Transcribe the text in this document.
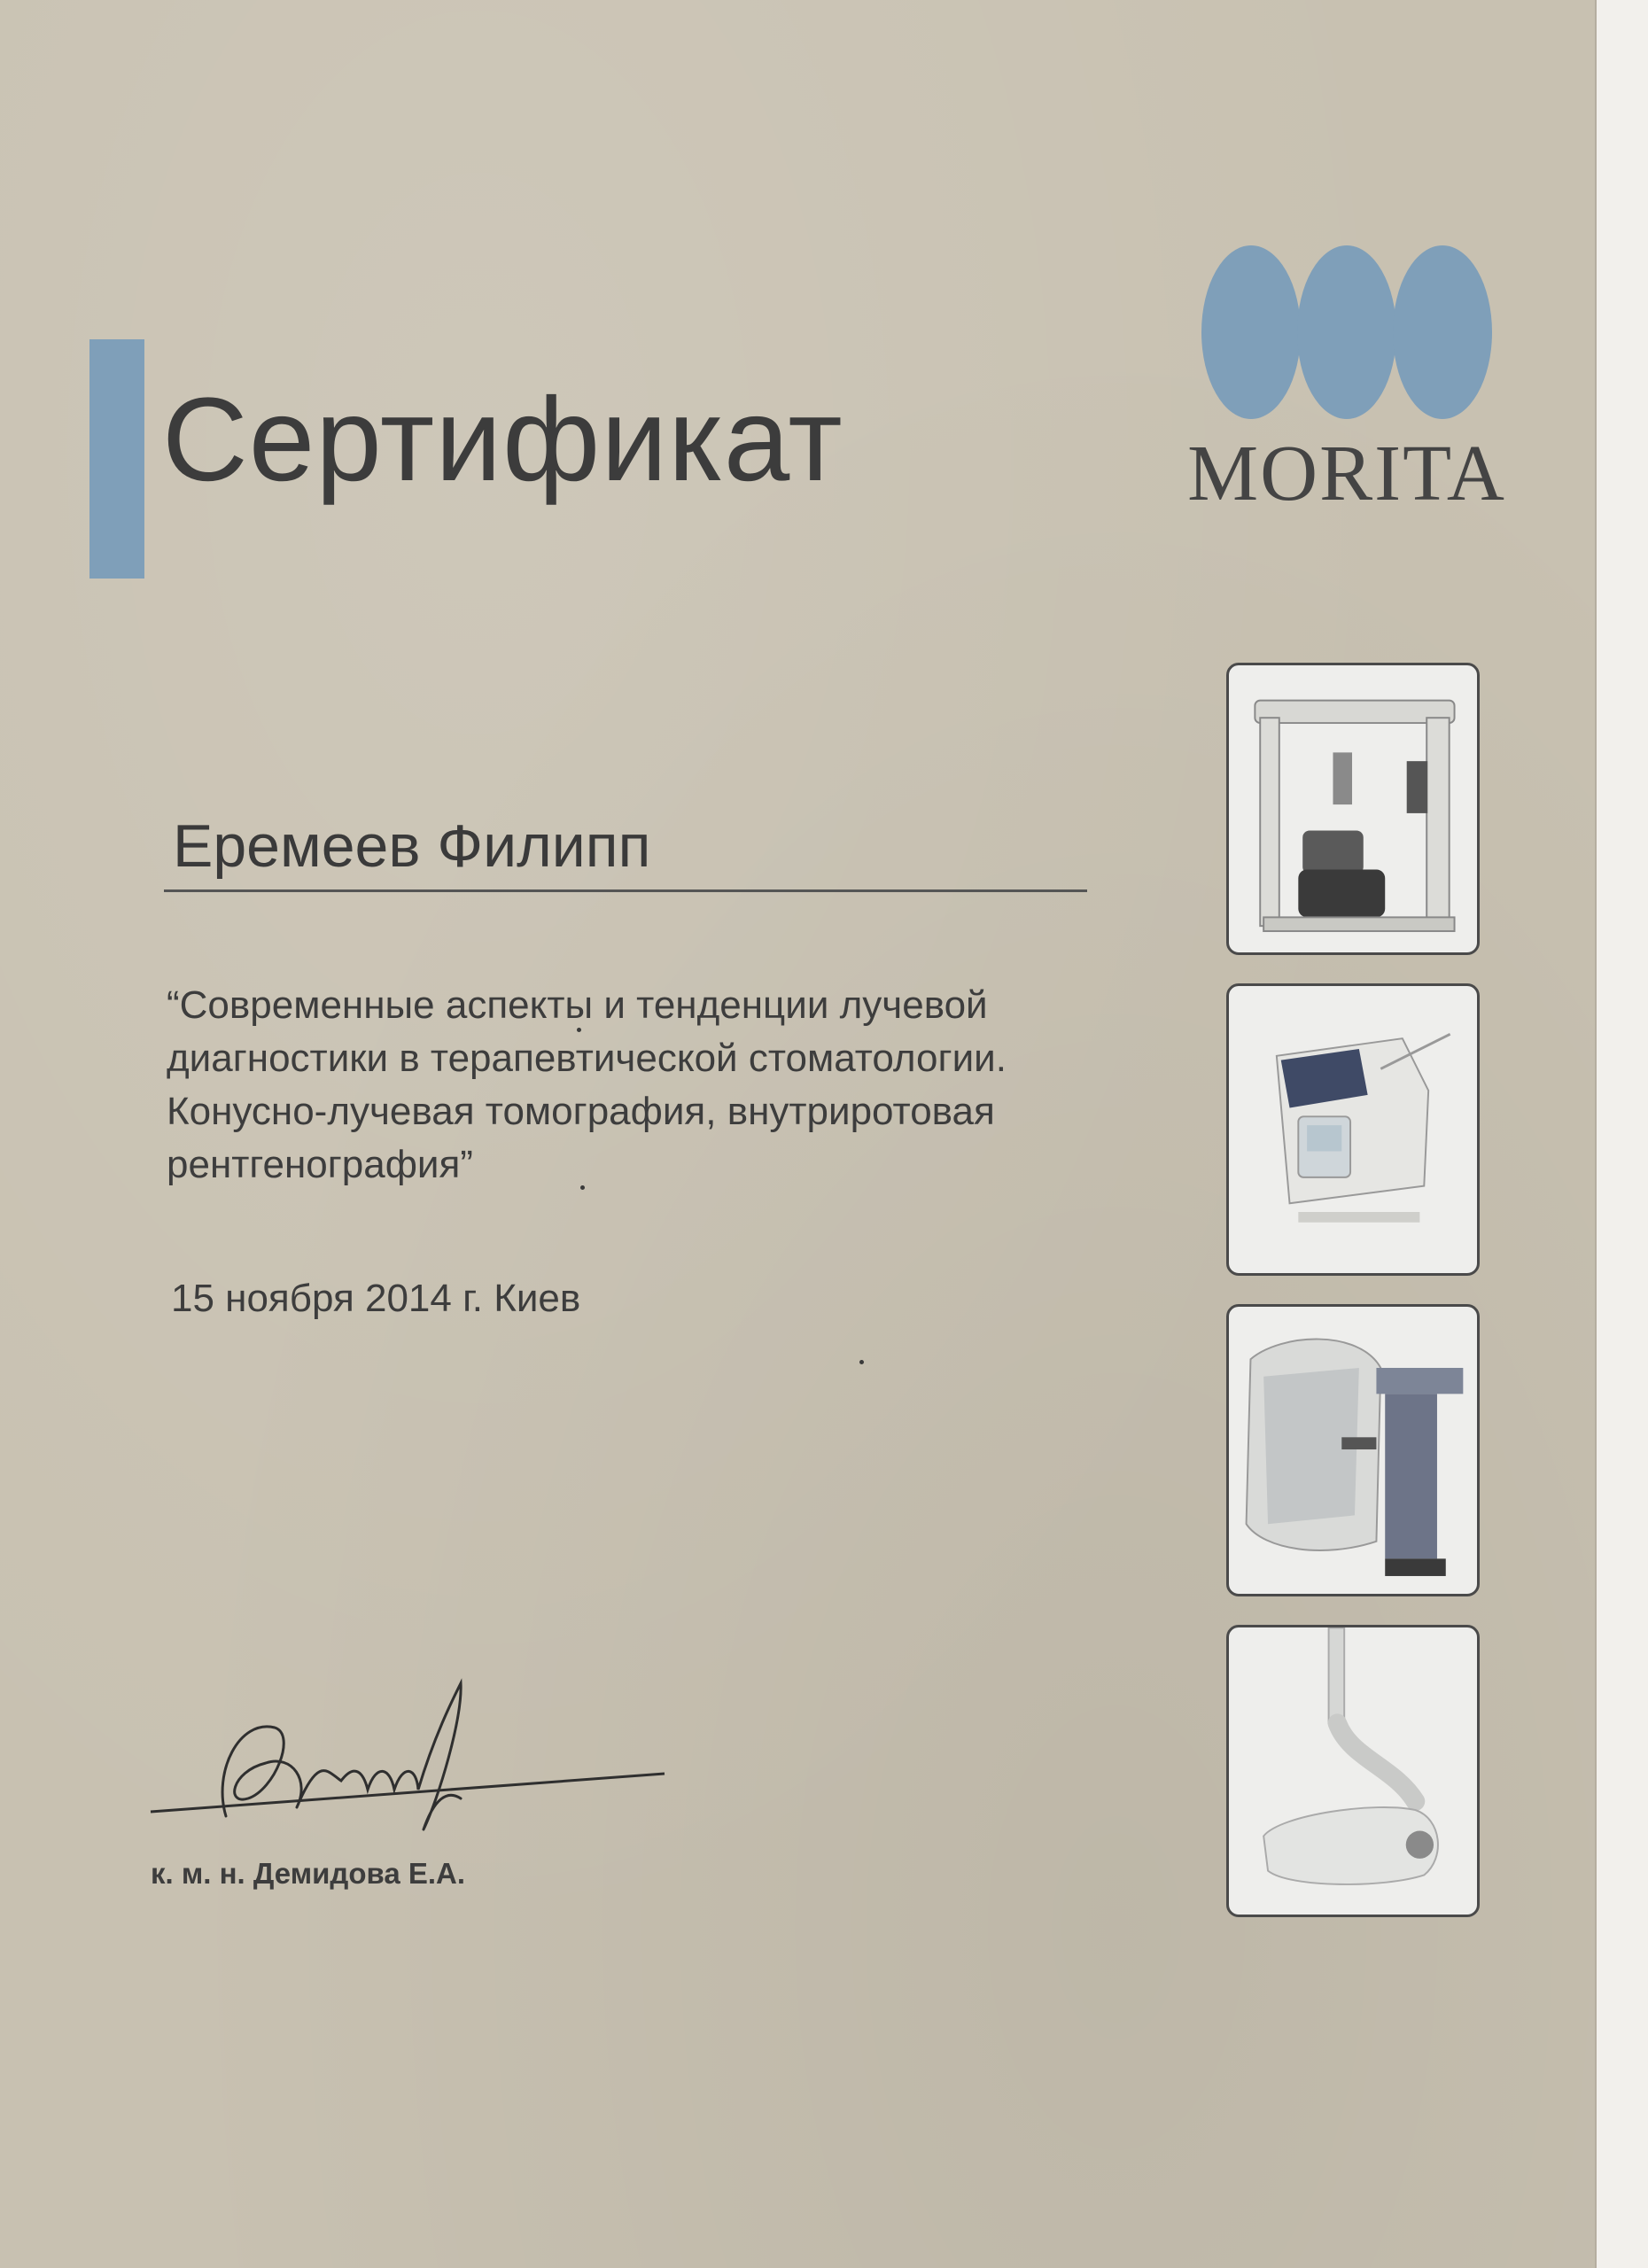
Сертификат	MORITA
Еремеев Филипп
“Современные аспекты и тенденции лучевой
диагностики в терапевтической стоматологии.
Конусно-лучевая томография, внутриротовая
рентгенография”
15 ноября 2014 г. Киев
к. м. н. Демидова Е.А.
